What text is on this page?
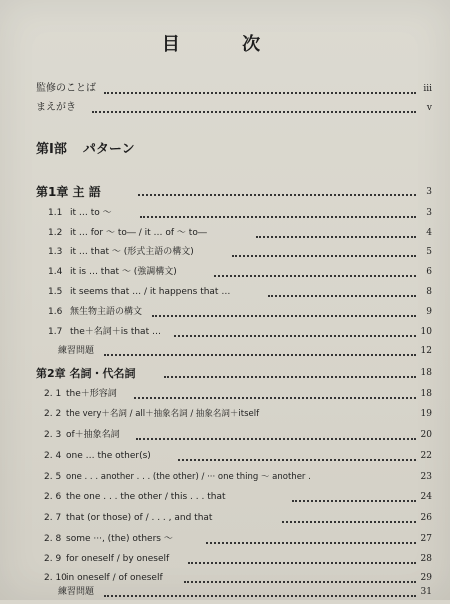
目 次
監修のことば	iii
まえがき	v
第Ⅰ部 パターン
第1章 主 語	3
1.1 it … to ～	3
1.2 it … for ～ to― / it … of ～ to―	4
1.3 it … that ～ (形式主語の構文)	5
1.4 it is … that ～ (強調構文)	6
1.5 it seems that … / it happens that …	8
1.6 無生物主語の構文	9
1.7 the＋名詞＋is that …	10
練習問題	12
第2章 名詞・代名詞	18
2. 1 the＋形容詞	18
2. 2 the very＋名詞 / all＋抽象名詞 / 抽象名詞＋itself	19
2. 3 of＋抽象名詞	20
2. 4 one … the other(s)	22
2. 5 one . . . another . . . (the other) / ··· one thing ～ another .	23
2. 6 the one . . . the other / this . . . that	24
2. 7 that (or those) of / . . . , and that	26
2. 8 some ···, (the) others ～	27
2. 9 for oneself / by oneself	28
2. 10 in oneself / of oneself	29
練習問題	31
